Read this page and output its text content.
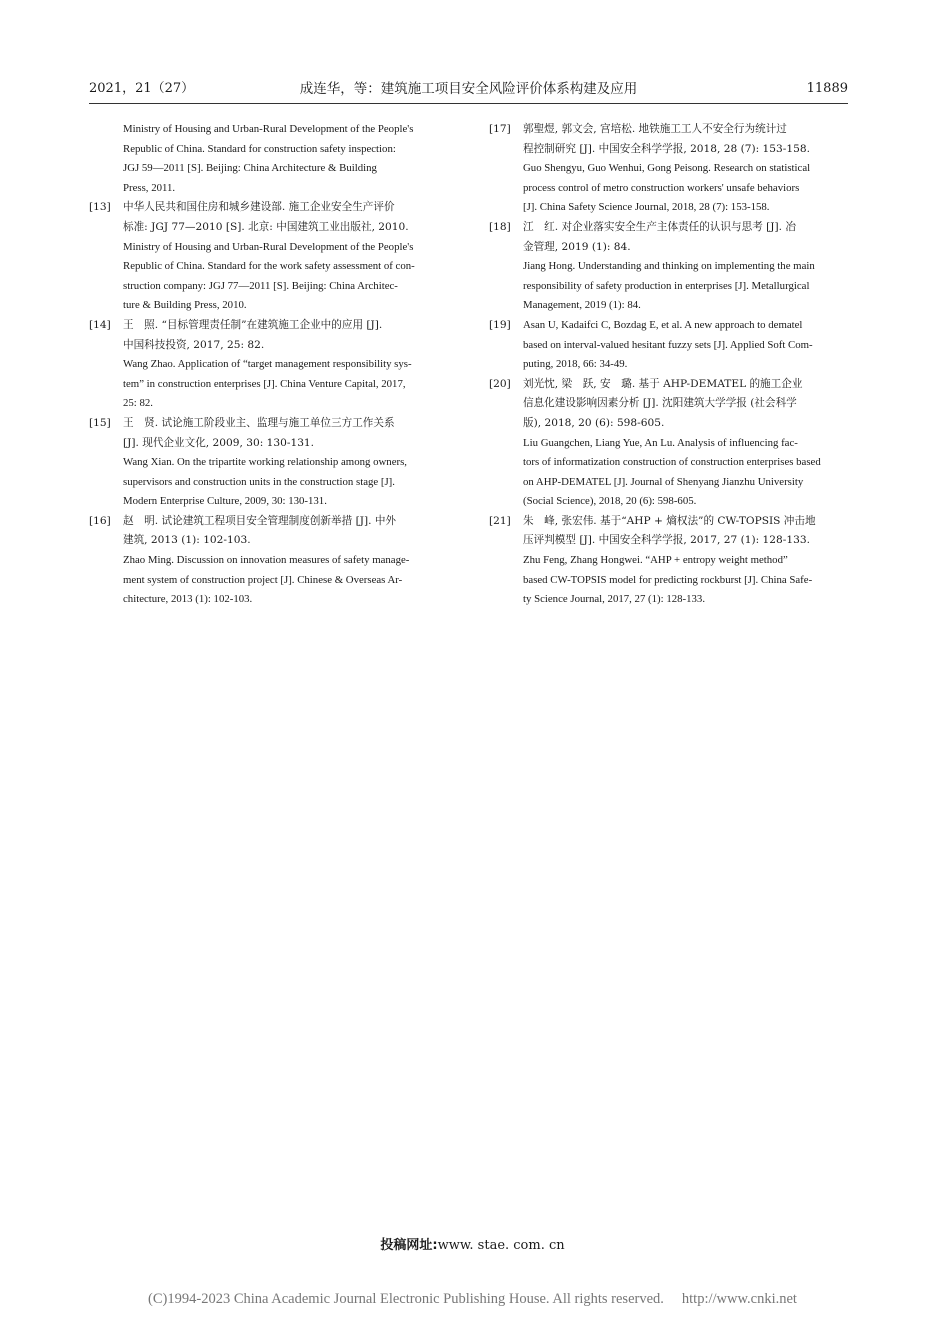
2021，21（27）	成连华，等：建筑施工项目安全风险评价体系构建及应用	11889
Ministry of Housing and Urban-Rural Development of the People's
Republic of China. Standard for construction safety inspection:
JGJ 59—2011 [S]. Beijing: China Architecture & Building
Press, 2011.
[13]	中华人民共和国住房和城乡建设部. 施工企业安全生产评价
标准: JGJ 77—2010 [S]. 北京: 中国建筑工业出版社, 2010.
Ministry of Housing and Urban-Rural Development of the People's
Republic of China. Standard for the work safety assessment of con-
struction company: JGJ 77—2011 [S]. Beijing: China Architec-
ture & Building Press, 2010.
[14]	王　照. “目标管理责任制”在建筑施工企业中的应用 [J].
中国科技投资, 2017, 25: 82.
Wang Zhao. Application of “target management responsibility sys-
tem” in construction enterprises [J]. China Venture Capital, 2017,
25: 82.
[15]	王　贤. 试论施工阶段业主、监理与施工单位三方工作关系
[J]. 现代企业文化, 2009, 30: 130-131.
Wang Xian. On the tripartite working relationship among owners,
supervisors and construction units in the construction stage [J].
Modern Enterprise Culture, 2009, 30: 130-131.
[16]	赵　明. 试论建筑工程项目安全管理制度创新举措 [J]. 中外
建筑, 2013 (1): 102-103.
Zhao Ming. Discussion on innovation measures of safety manage-
ment system of construction project [J]. Chinese & Overseas Ar-
chitecture, 2013 (1): 102-103.
[17]	郭聖煜, 郭文会, 宫培松. 地铁施工工人不安全行为统计过
程控制研究 [J]. 中国安全科学学报, 2018, 28 (7): 153-158.
Guo Shengyu, Guo Wenhui, Gong Peisong. Research on statistical
process control of metro construction workers' unsafe behaviors
[J]. China Safety Science Journal, 2018, 28 (7): 153-158.
[18]	江　红. 对企业落实安全生产主体责任的认识与思考 [J]. 冶
金管理, 2019 (1): 84.
Jiang Hong. Understanding and thinking on implementing the main
responsibility of safety production in enterprises [J]. Metallurgical
Management, 2019 (1): 84.
[19]	Asan U, Kadaifci C, Bozdag E, et al. A new approach to dematel
based on interval-valued hesitant fuzzy sets [J]. Applied Soft Com-
puting, 2018, 66: 34-49.
[20]	刘光忱, 梁　跃, 安　璐. 基于 AHP-DEMATEL 的施工企业
信息化建设影响因素分析 [J]. 沈阳建筑大学学报 (社会科学
版), 2018, 20 (6): 598-605.
Liu Guangchen, Liang Yue, An Lu. Analysis of influencing fac-
tors of informatization construction of construction enterprises based
on AHP-DEMATEL [J]. Journal of Shenyang Jianzhu University
(Social Science), 2018, 20 (6): 598-605.
[21]	朱　峰, 张宏伟. 基于“AHP + 熵权法”的 CW-TOPSIS 冲击地
压评判模型 [J]. 中国安全科学学报, 2017, 27 (1): 128-133.
Zhu Feng, Zhang Hongwei. “AHP + entropy weight method”
based CW-TOPSIS model for predicting rockburst [J]. China Safe-
ty Science Journal, 2017, 27 (1): 128-133.
投稿网址:www. stae. com. cn
(C)1994-2023 China Academic Journal Electronic Publishing House. All rights reserved. http://www.cnki.net
